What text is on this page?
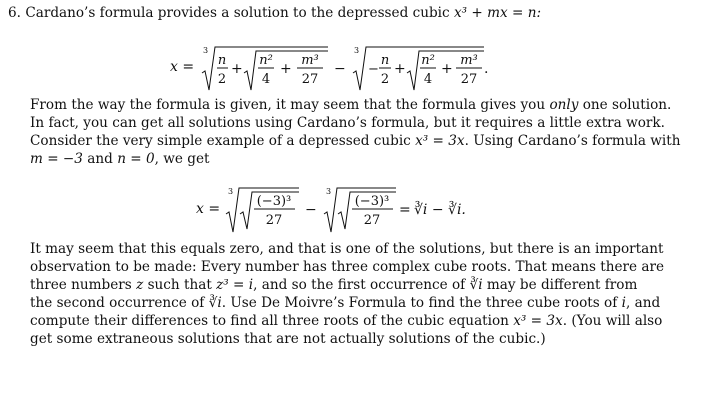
6. Cardano’s formula provides a solution to the depressed cubic x³ + mx = n:
x =
3
n
2
+
n²
4
+
m³
27
−
3
−
n
2
+
n²
4
+
m³
27
.
From the way the formula is given, it may seem that the formula gives you only one solution.
In fact, you can get all solutions using Cardano’s formula, but it requires a little extra work.
Consider the very simple example of a depressed cubic x³ = 3x. Using Cardano’s formula with
m = −3 and n = 0, we get
x =
3
(−3)³
27
−
3
(−3)³
27
= ∛i − ∛i.
It may seem that this equals zero, and that is one of the solutions, but there is an important
observation to be made: Every number has three complex cube roots. That means there are
three numbers z such that z³ = i, and so the first occurrence of ∛i may be different from
the second occurrence of ∛i. Use De Moivre’s Formula to find the three cube roots of i, and
compute their differences to find all three roots of the cubic equation x³ = 3x. (You will also
get some extraneous solutions that are not actually solutions of the cubic.)
